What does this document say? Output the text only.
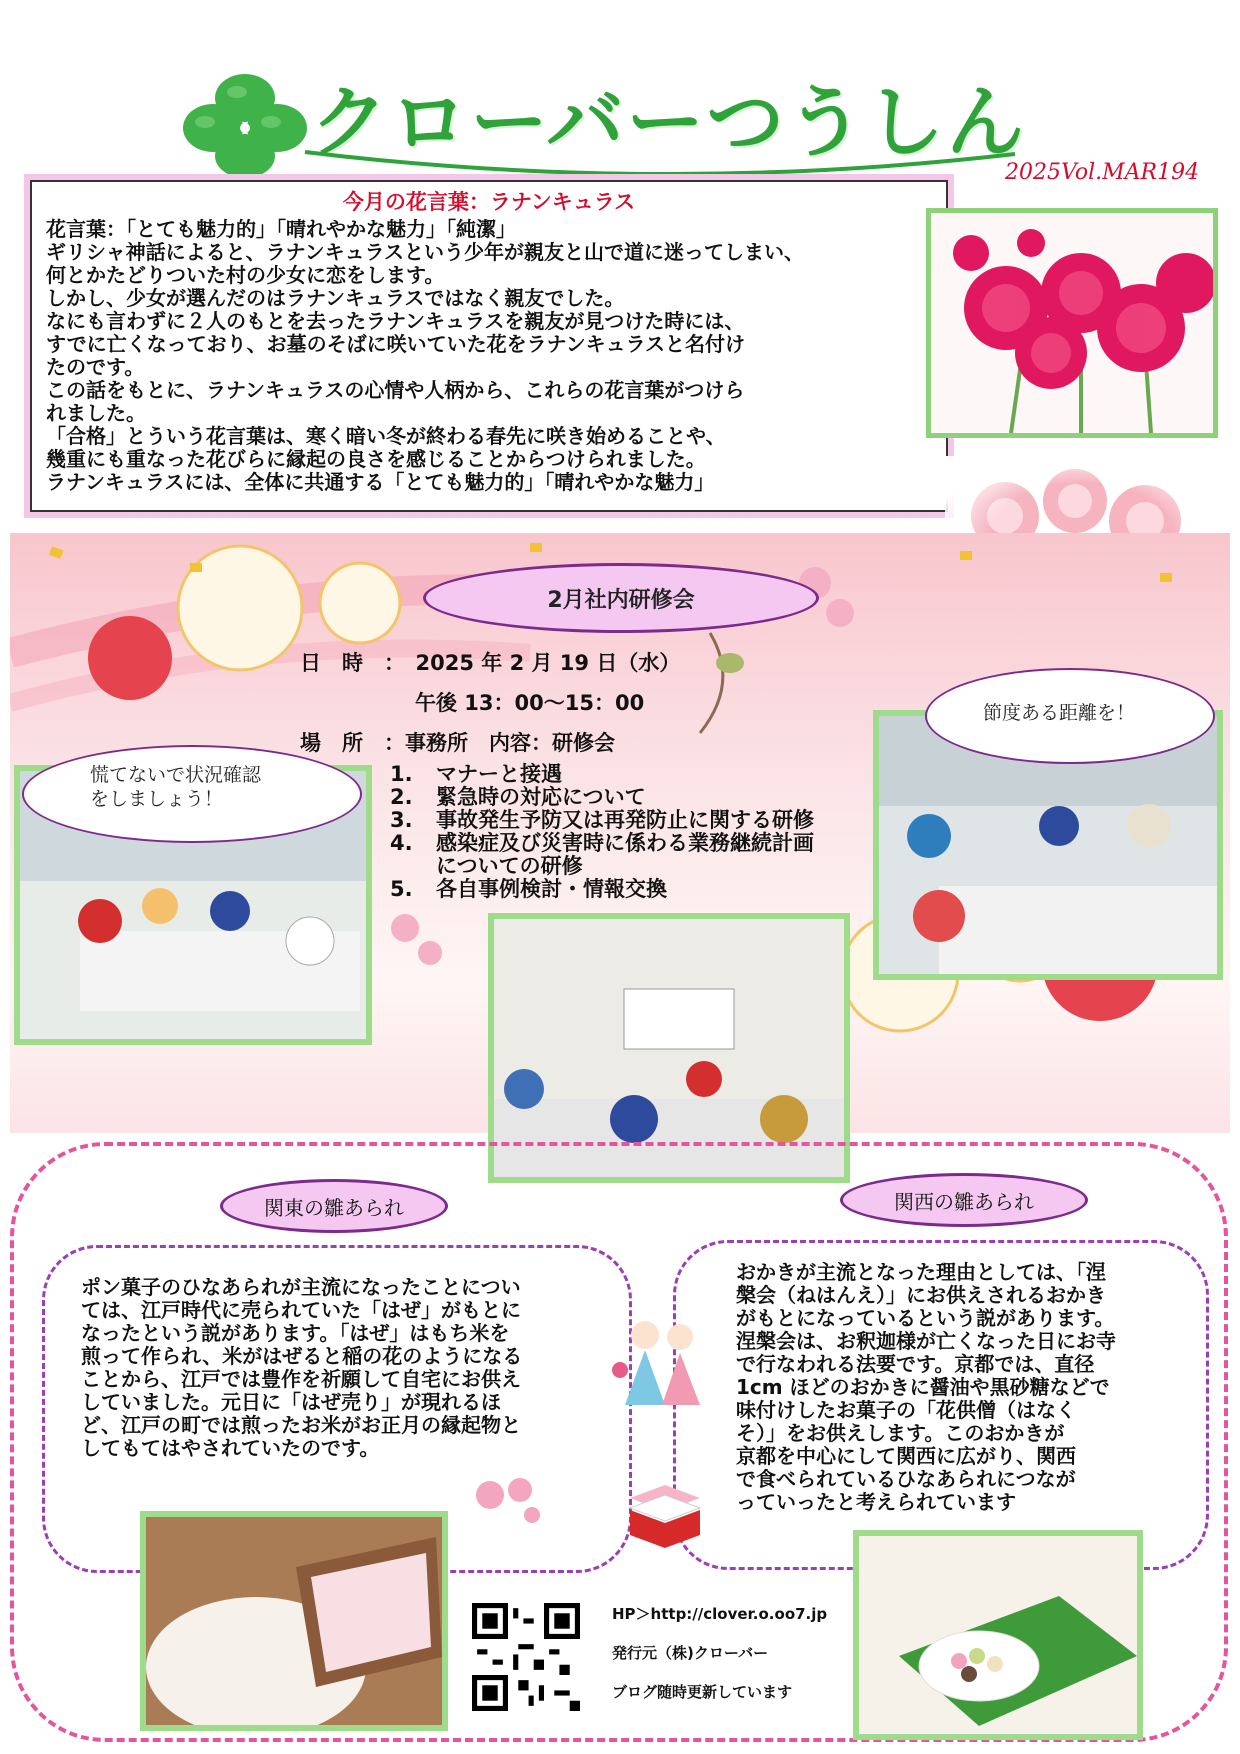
クローバーつうしん
2025Vol.MAR194
今月の花言葉：ラナンキュラス

花言葉：「とても魅力的」「晴れやかな魅力」「純潔」

ギリシャ神話によると、ラナンキュラスという少年が親友と山で道に迷ってしまい、

何とかたどりついた村の少女に恋をします。

しかし、少女が選んだのはラナンキュラスではなく親友でした。

なにも言わずに２人のもとを去ったラナンキュラスを親友が見つけた時には、

すでに亡くなっており、お墓のそばに咲いていた花をラナンキュラスと名付け

たのです。

この話をもとに、ラナンキュラスの心情や人柄から、これらの花言葉がつけら

れました。

「合格」とういう花言葉は、寒く暗い冬が終わる春先に咲き始めることや、

幾重にも重なった花びらに縁起の良さを感じることからつけられました。

ラナンキュラスには、全体に共通する「とても魅力的」「晴れやかな魅力」

2月社内研修会
日　時　：　2025 年 2 月 19 日（水）
午後 13：00～15：00
場　所　：事務所　内容：研修会
1.	マナーと接遇
2.	緊急時の対応について
3.	事故発生予防又は再発防止に関する研修
4.	感染症及び災害時に係わる業務継続計画
についての研修
5.	各自事例検討・情報交換
慌てないで状況確認
をしましょう！
節度ある距離を！
関東の雛あられ	関西の雛あられ

ポン菓子のひなあられが主流になったことについ

ては、江戸時代に売られていた「はぜ」がもとに

なったという説があります。「はぜ」はもち米を

煎って作られ、米がはぜると稲の花のようになる

ことから、江戸では豊作を祈願して自宅にお供え

していました。元日に「はぜ売り」が現れるほ

ど、江戸の町では煎ったお米がお正月の縁起物と

してもてはやされていたのです。

おかきが主流となった理由としては、「涅

槃会（ねはんえ）」にお供えされるおかき

がもとになっているという説があります。

涅槃会は、お釈迦様が亡くなった日にお寺

で行なわれる法要です。京都では、直径

1cm ほどのおかきに醤油や黒砂糖などで

味付けしたお菓子の「花供僧（はなく

そ）」をお供えします。このおかきが

京都を中心にして関西に広がり、関西

で食べられているひなあられにつなが

っていったと考えられています

HP＞http://clover.o.oo7.jp
発行元（株)クローバー
ブログ随時更新しています
